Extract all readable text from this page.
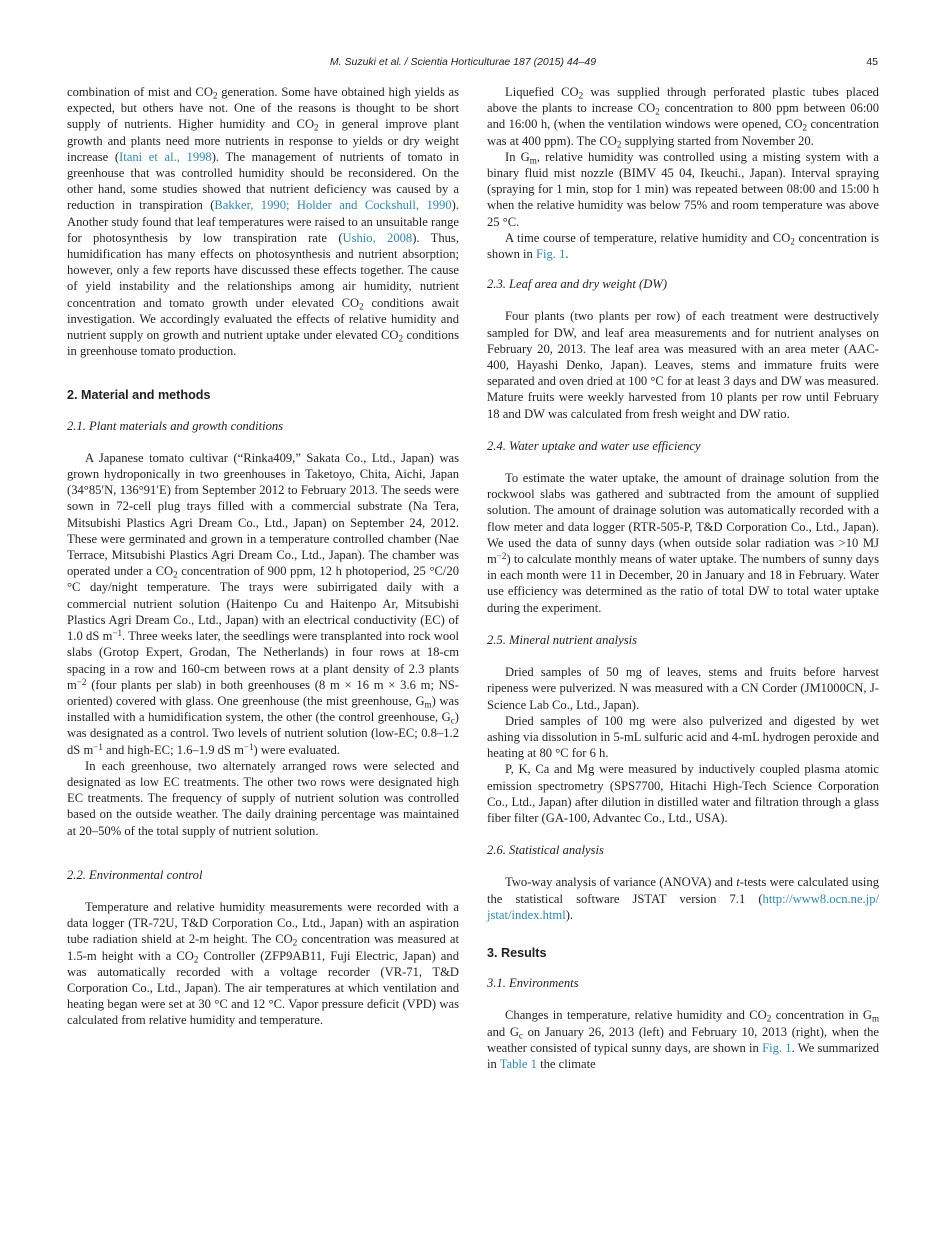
M. Suzuki et al. / Scientia Horticulturae 187 (2015) 44–49	45

combination of mist and $CO_2$ generation. Some have obtained high yields as expected, but others have not. One of the reasons is thought to be short supply of nutrients. Higher humidity and $CO_2$ in general improve plant growth and plants need more nutrients in response to yields or dry weight increase (Itani et al., 1998). The management of nutrients of tomato in greenhouse that was controlled humidity should be reconsidered. On the other hand, some studies showed that nutrient deficiency was caused by a reduction in transpiration (Bakker, 1990; Holder and Cockshull, 1990). Another study found that leaf temperatures were raised to an unsuitable range for photosynthesis by low transpiration rate (Ushio, 2008). Thus, humidification has many effects on photosynthesis and nutrient absorption; however, only a few reports have discussed these effects together. The cause of yield instability and the relationships among air humidity, nutrient concentration and tomato growth under elevated $CO_2$ conditions await investigation. We accordingly evaluated the effects of relative humidity and nutrient supply on growth and nutrient uptake under elevated $CO_2$ conditions in greenhouse tomato production.

2. Material and methods
2.1. Plant materials and growth conditions

A Japanese tomato cultivar (“Rinka409,” Sakata Co., Ltd., Japan) was grown hydroponically in two greenhouses in Taketoyo, Chita, Aichi, Japan (34°85′N, 136°91′E) from September 2012 to February 2013. The seeds were sown in 72-cell plug trays filled with a commercial substrate (Na Tera, Mitsubishi Plastics Agri Dream Co., Ltd., Japan) on September 24, 2012. These were germinated and grown in a temperature controlled chamber (Nae Terrace, Mitsubishi Plastics Agri Dream Co., Ltd., Japan). The chamber was operated under a $CO_2$ concentration of 900 ppm, 12 h photoperiod, 25 °C/20 °C day/night temperature. The trays were subirrigated daily with a commercial nutrient solution (Haitenpo Cu and Haitenpo Ar, Mitsubishi Plastics Agri Dream Co., Ltd., Japan) with an electrical conductivity (EC) of 1.0 dS $m^{-1}$. Three weeks later, the seedlings were transplanted into rock wool slabs (Grotop Expert, Grodan, The Netherlands) in four rows at 18-cm spacing in a row and 160-cm between rows at a plant density of 2.3 plants $m^{-2}$ (four plants per slab) in both greenhouses (8 m × 16 m × 3.6 m; NS-oriented) covered with glass. One greenhouse (the mist greenhouse, $G_m$) was installed with a humidification system, the other (the control greenhouse, $G_c$) was designated as a control. Two levels of nutrient solution (low-EC; 0.8–1.2 dS $m^{-1}$ and high-EC; 1.6–1.9 dS $m^{-1}$) were evaluated.

In each greenhouse, two alternately arranged rows were selected and designated as low EC treatments. The other two rows were designated high EC treatments. The frequency of supply of nutrient solution was controlled based on the outside weather. The daily draining percentage was maintained at 20–50% of the total supply of nutrient solution.

2.2. Environmental control

Temperature and relative humidity measurements were recorded with a data logger (TR-72U, T&D Corporation Co., Ltd., Japan) with an aspiration tube radiation shield at 2-m height. The $CO_2$ concentration was measured at 1.5-m height with a $CO_2$ Controller (ZFP9AB11, Fuji Electric, Japan) and was automatically recorded with a voltage recorder (VR-71, T&D Corporation Co., Ltd., Japan). The air temperatures at which ventilation and heating began were set at 30 °C and 12 °C. Vapor pressure deficit (VPD) was calculated from relative humidity and temperature.

Liquefied $CO_2$ was supplied through perforated plastic tubes placed above the plants to increase $CO_2$ concentration to 800 ppm between 06:00 and 16:00 h, (when the ventilation windows were opened, $CO_2$ concentration was at 400 ppm). The $CO_2$ supplying started from November 20.

In $G_m$, relative humidity was controlled using a misting system with a binary fluid mist nozzle (BIMV 45 04, Ikeuchi., Japan). Interval spraying (spraying for 1 min, stop for 1 min) was repeated between 08:00 and 15:00 h when the relative humidity was below 75% and room temperature was above 25 °C.

A time course of temperature, relative humidity and $CO_2$ concentration is shown in Fig. 1.

2.3. Leaf area and dry weight (DW)

Four plants (two plants per row) of each treatment were destructively sampled for DW, and leaf area measurements and for nutrient analyses on February 20, 2013. The leaf area was measured with an area meter (AAC-400, Hayashi Denko, Japan). Leaves, stems and immature fruits were separated and oven dried at 100 °C for at least 3 days and DW was measured. Mature fruits were weekly harvested from 10 plants per row until February 18 and DW was calculated from fresh weight and DW ratio.

2.4. Water uptake and water use efficiency

To estimate the water uptake, the amount of drainage solution from the rockwool slabs was gathered and subtracted from the amount of supplied solution. The amount of drainage solution was automatically recorded with a flow meter and data logger (RTR-505-P, T&D Corporation Co., Ltd., Japan). We used the data of sunny days (when outside solar radiation was >10 MJ $m^{-2}$) to calculate monthly means of water uptake. The numbers of sunny days in each month were 11 in December, 20 in January and 18 in February. Water use efficiency was determined as the ratio of total DW to total water uptake during the experiment.

2.5. Mineral nutrient analysis

Dried samples of 50 mg of leaves, stems and fruits before harvest ripeness were pulverized. N was measured with a CN Corder (JM1000CN, J-Science Lab Co., Ltd., Japan).

Dried samples of 100 mg were also pulverized and digested by wet ashing via dissolution in 5-mL sulfuric acid and 4-mL hydrogen peroxide and heating at 80 °C for 6 h.

P, K, Ca and Mg were measured by inductively coupled plasma atomic emission spectrometry (SPS7700, Hitachi High-Tech Science Corporation Co., Ltd., Japan) after dilution in distilled water and filtration through a glass fiber filter (GA-100, Advantec Co., Ltd., USA).

2.6. Statistical analysis

Two-way analysis of variance (ANOVA) and t-tests were calculated using the statistical software JSTAT version 7.1 (http://www8.ocn.ne.jp/ jstat/index.html).

3. Results
3.1. Environments

Changes in temperature, relative humidity and $CO_2$ concentration in $G_m$ and $G_c$ on January 26, 2013 (left) and February 10, 2013 (right), when the weather consisted of typical sunny days, are shown in Fig. 1. We summarized in Table 1 the climate
